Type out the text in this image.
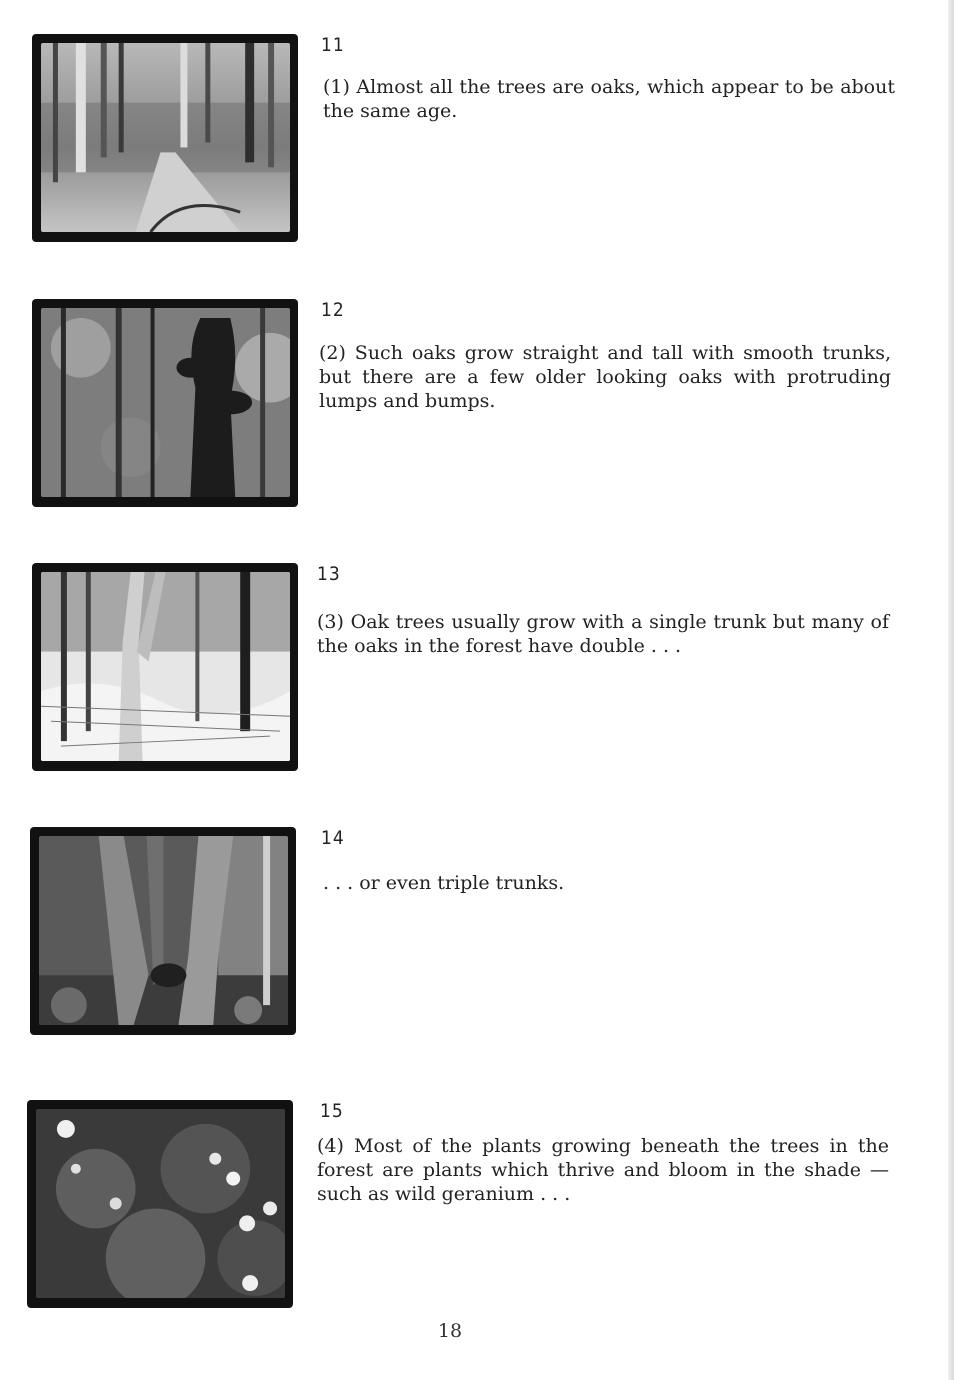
11
(1) Almost all the trees are oaks, which appear to be about the same age.
12
(2) Such oaks grow straight and tall with smooth trunks, but there are a few older looking oaks with protruding lumps and bumps.
13
(3) Oak trees usually grow with a single trunk but many of the oaks in the forest have double . . .
14
. . . or even triple trunks.
15
(4) Most of the plants growing beneath the trees in the forest are plants which thrive and bloom in the shade — such as wild geranium . . .
18
